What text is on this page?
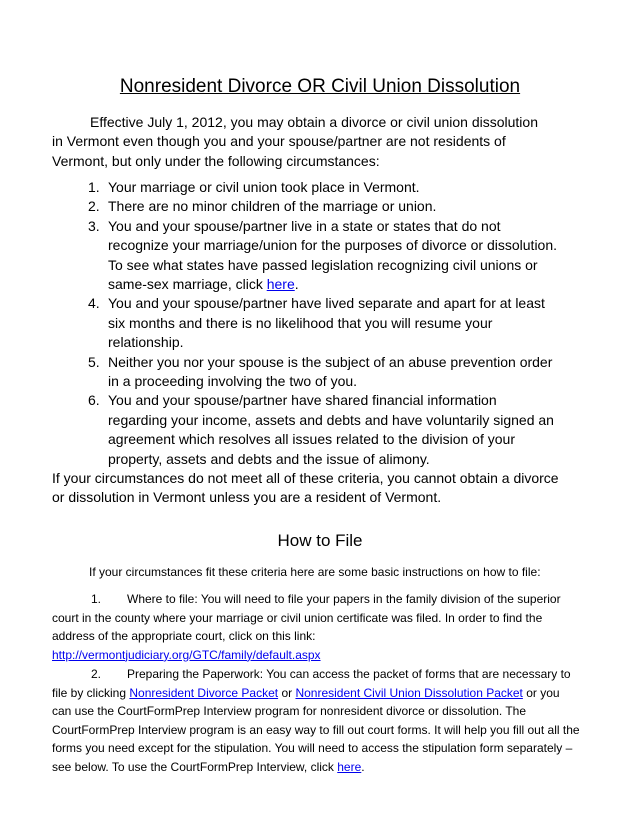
Nonresident Divorce OR Civil Union Dissolution
Effective July 1, 2012, you may obtain a divorce or civil union dissolution in Vermont even though you and your spouse/partner are not residents of Vermont, but only under the following circumstances:
1. Your marriage or civil union took place in Vermont.
2. There are no minor children of the marriage or union.
3. You and your spouse/partner live in a state or states that do not recognize your marriage/union for the purposes of divorce or dissolution. To see what states have passed legislation recognizing civil unions or same-sex marriage, click here.
4. You and your spouse/partner have lived separate and apart for at least six months and there is no likelihood that you will resume your relationship.
5. Neither you nor your spouse is the subject of an abuse prevention order in a proceeding involving the two of you.
6. You and your spouse/partner have shared financial information regarding your income, assets and debts and have voluntarily signed an agreement which resolves all issues related to the division of your property, assets and debts and the issue of alimony.
If your circumstances do not meet all of these criteria, you cannot obtain a divorce or dissolution in Vermont unless you are a resident of Vermont.
How to File
If your circumstances fit these criteria here are some basic instructions on how to file:
1. Where to file: You will need to file your papers in the family division of the superior court in the county where your marriage or civil union certificate was filed. In order to find the address of the appropriate court, click on this link: http://vermontjudiciary.org/GTC/family/default.aspx
2. Preparing the Paperwork: You can access the packet of forms that are necessary to file by clicking Nonresident Divorce Packet or Nonresident Civil Union Dissolution Packet or you can use the CourtFormPrep Interview program for nonresident divorce or dissolution. The CourtFormPrep Interview program is an easy way to fill out court forms. It will help you fill out all the forms you need except for the stipulation. You will need to access the stipulation form separately – see below. To use the CourtFormPrep Interview, click here.
